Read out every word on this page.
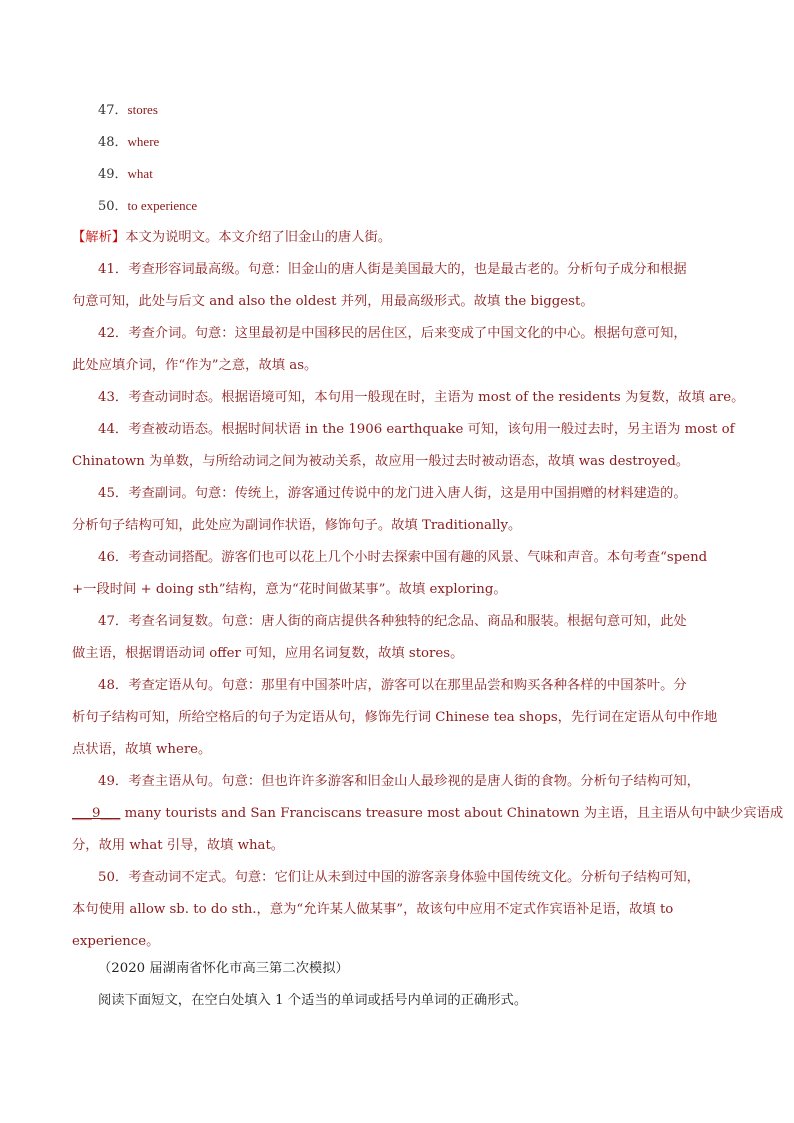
47．stores
48．where
49．what
50．to experience
【解析】本文为说明文。本文介绍了旧金山的唐人街。
41．考查形容词最高级。句意：旧金山的唐人街是美国最大的，也是最古老的。分析句子成分和根据
句意可知，此处与后文 and also the oldest 并列，用最高级形式。故填 the biggest。
42．考查介词。句意：这里最初是中国移民的居住区，后来变成了中国文化的中心。根据句意可知，
此处应填介词，作“作为”之意，故填 as。
43．考查动词时态。根据语境可知，本句用一般现在时，主语为 most of the residents 为复数，故填 are。
44．考查被动语态。根据时间状语 in the 1906 earthquake 可知，该句用一般过去时，另主语为 most of
Chinatown 为单数，与所给动词之间为被动关系，故应用一般过去时被动语态，故填 was destroyed。
45．考查副词。句意：传统上，游客通过传说中的龙门进入唐人街，这是用中国捐赠的材料建造的。
分析句子结构可知，此处应为副词作状语，修饰句子。故填 Traditionally。
46．考查动词搭配。游客们也可以花上几个小时去探索中国有趣的风景、气味和声音。本句考查“spend
+一段时间 + doing sth”结构，意为“花时间做某事”。故填 exploring。
47．考查名词复数。句意：唐人街的商店提供各种独特的纪念品、商品和服装。根据句意可知，此处
做主语，根据谓语动词 offer 可知，应用名词复数，故填 stores。
48．考查定语从句。句意：那里有中国茶叶店，游客可以在那里品尝和购买各种各样的中国茶叶。分
析句子结构可知，所给空格后的句子为定语从句，修饰先行词 Chinese tea shops，先行词在定语从句中作地
点状语，故填 where。
49．考查主语从句。句意：但也许许多游客和旧金山人最珍视的是唐人街的食物。分析句子结构可知，
___9___ many tourists and San Franciscans treasure most about Chinatown 为主语，且主语从句中缺少宾语成
分，故用 what 引导，故填 what。
50．考查动词不定式。句意：它们让从未到过中国的游客亲身体验中国传统文化。分析句子结构可知，
本句使用 allow sb. to do sth.，意为“允许某人做某事”，故该句中应用不定式作宾语补足语，故填 to
experience。
（2020 届湖南省怀化市高三第二次模拟）
阅读下面短文，在空白处填入 1 个适当的单词或括号内单词的正确形式。
